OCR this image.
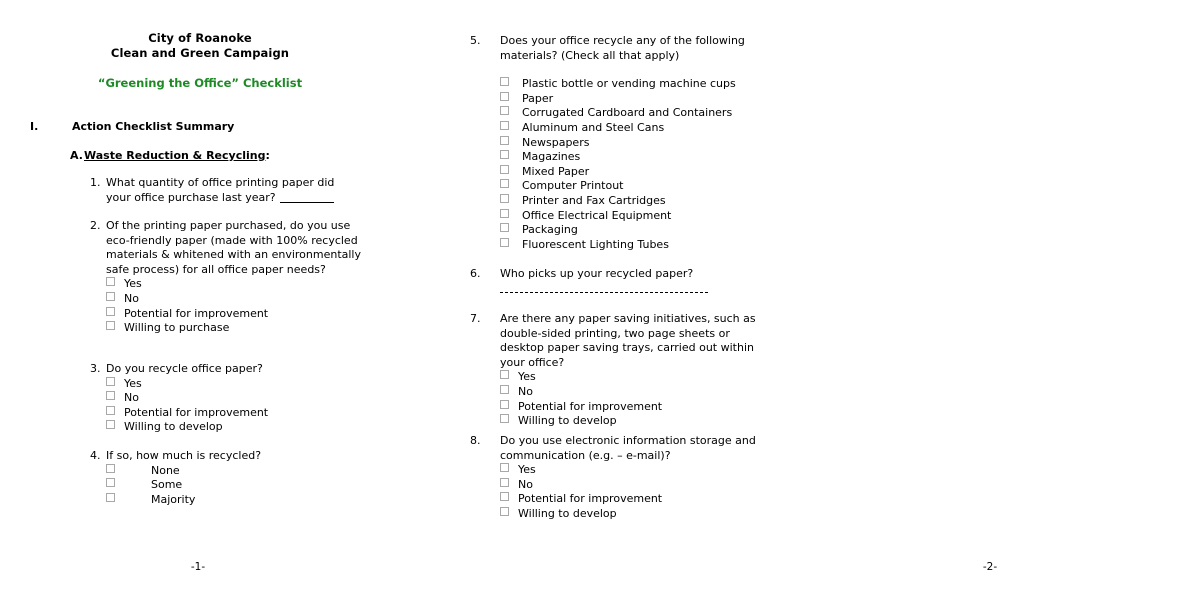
City of Roanoke
Clean and Green Campaign
“Greening the Office” Checklist
I.	Action Checklist Summary
A. Waste Reduction & Recycling:
1. What quantity of office printing paper did your office purchase last year?
2. Of the printing paper purchased, do you use eco-friendly paper (made with 100% recycled materials & whitened with an environmentally safe process) for all office paper needs?
Yes
No
Potential for improvement
Willing to purchase
3. Do you recycle office paper?
Yes
No
Potential for improvement
Willing to develop
4. If so, how much is recycled?
None
Some
Majority
-1-
5.	Does your office recycle any of the following materials? (Check all that apply)
Plastic bottle or vending machine cups
Paper
Corrugated Cardboard and Containers
Aluminum and Steel Cans
Newspapers
Magazines
Mixed Paper
Computer Printout
Printer and Fax Cartridges
Office Electrical Equipment
Packaging
Fluorescent Lighting Tubes
6.	Who picks up your recycled paper?
7.	Are there any paper saving initiatives, such as double-sided printing, two page sheets or desktop paper saving trays, carried out within your office?
Yes
No
Potential for improvement
Willing to develop
8.	Do you use electronic information storage and communication (e.g. – e-mail)?
Yes
No
Potential for improvement
Willing to develop
-2-
